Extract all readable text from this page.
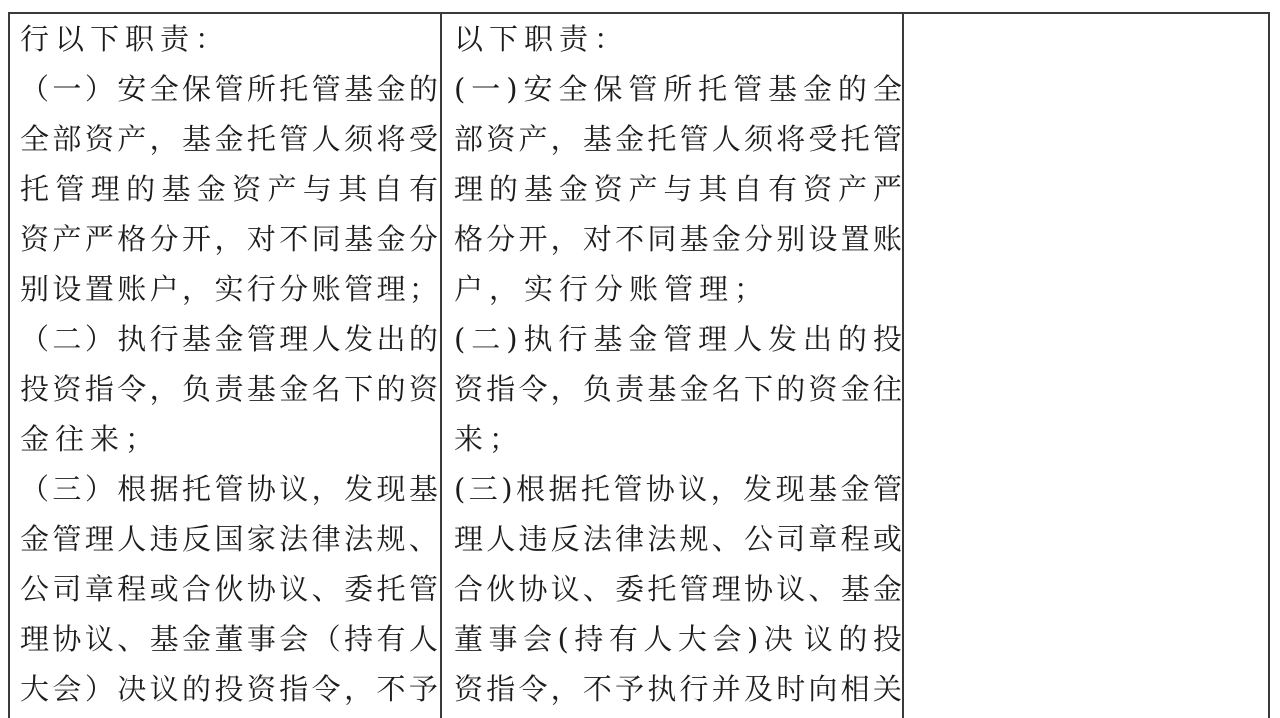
行以下职责：
（ 一 ） 安 全 保 管 所 托 管 基 金 的
全 部 资 产 ， 基 金 托 管 人 须 将 受
托 管 理 的 基 金 资 产 与 其 自 有
资 产 严 格 分 开 ， 对 不 同 基 金 分
别 设 置 账 户 ， 实 行 分 账 管 理 ；
（ 二 ） 执 行 基 金 管 理 人 发 出 的
投 资 指 令 ， 负 责 基 金 名 下 的 资
金往来；
（ 三 ） 根 据 托 管 协 议 ， 发 现 基
金 管 理 人 违 反 国 家 法 律 法 规 、
公 司 章 程 或 合 伙 协 议 、 委 托 管
理 协 议 、 基 金 董 事 会 （ 持 有 人
大 会 ） 决 议 的 投 资 指 令 ， 不 予
以下职责：
( 一 ) 安 全 保 管 所 托 管 基 金 的 全
部 资 产 ， 基 金 托 管 人 须 将 受 托 管
理 的 基 金 资 产 与 其 自 有 资 产 严
格 分 开 ， 对 不 同 基 金 分 别 设 置 账
户，实行分账管理；
( 二 ) 执 行 基 金 管 理 人 发 出 的 投
资 指 令 ， 负 责 基 金 名 下 的 资 金 往
来；
( 三 ) 根 据 托 管 协 议 ， 发 现 基 金 管
理 人 违 反 法 律 法 规 、 公 司 章 程 或
合 伙 协 议 、 委 托 管 理 协 议 、 基 金
董 事 会 ( 持 有 人 大 会 ) 决 议 的 投
资 指 令 ， 不 予 执 行 并 及 时 向 相 关
